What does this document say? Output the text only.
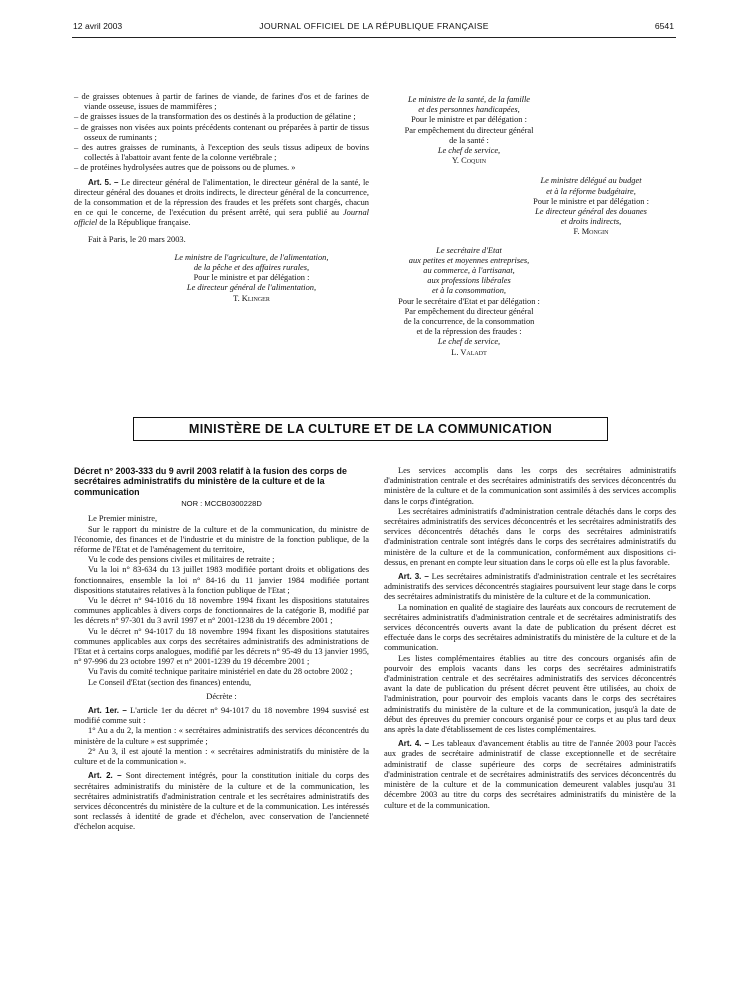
12 avril 2003	JOURNAL OFFICIEL DE LA RÉPUBLIQUE FRANÇAISE	6541

– de graisses obtenues à partir de farines de viande, de farines d'os et de farines de viande osseuse, issues de mammifères ;

– de graisses issues de la transformation des os destinés à la production de gélatine ;

– de graisses non visées aux points précédents contenant ou préparées à partir de tissus osseux de ruminants ;

– des autres graisses de ruminants, à l'exception des seuls tissus adipeux de bovins collectés à l'abattoir avant fente de la colonne vertébrale ;

– de protéines hydrolysées autres que de poissons ou de plumes. »

Art. 5. – Le directeur général de l'alimentation, le directeur général de la santé, le directeur général des douanes et droits indirects, le directeur général de la concurrence, de la consommation et de la répression des fraudes et les préfets sont chargés, chacun en ce qui le concerne, de l'exécution du présent arrêté, qui sera publié au Journal officiel de la République française.

Fait à Paris, le 20 mars 2003.

Le ministre de l'agriculture, de l'alimentation,

de la pêche et des affaires rurales,

Pour le ministre et par délégation :

Le directeur général de l'alimentation,

T. Klinger

Le ministre de la santé, de la famille

et des personnes handicapées,

Pour le ministre et par délégation :

Par empêchement du directeur général

de la santé :

Le chef de service,

Y. Coquin

Le ministre délégué au budget

et à la réforme budgétaire,

Pour le ministre et par délégation :

Le directeur général des douanes

et droits indirects,

F. Mongin

Le secrétaire d'Etat

aux petites et moyennes entreprises,

au commerce, à l'artisanat,

aux professions libérales

et à la consommation,

Pour le secrétaire d'Etat et par délégation :

Par empêchement du directeur général

de la concurrence, de la consommation

et de la répression des fraudes :

Le chef de service,

L. Valadt

MINISTÈRE DE LA CULTURE ET DE LA COMMUNICATION

Décret n° 2003-333 du 9 avril 2003 relatif à la fusion des corps de secrétaires administratifs du ministère de la culture et de la communication

NOR : MCCB0300228D

Le Premier ministre,

Sur le rapport du ministre de la culture et de la communication, du ministre de l'économie, des finances et de l'industrie et du ministre de la fonction publique, de la réforme de l'Etat et de l'aménagement du territoire,

Vu le code des pensions civiles et militaires de retraite ;

Vu la loi n° 83-634 du 13 juillet 1983 modifiée portant droits et obligations des fonctionnaires, ensemble la loi n° 84-16 du 11 janvier 1984 modifiée portant dispositions statutaires relatives à la fonction publique de l'Etat ;

Vu le décret n° 94-1016 du 18 novembre 1994 fixant les dispositions statutaires communes applicables à divers corps de fonctionnaires de la catégorie B, modifié par les décrets n° 97-301 du 3 avril 1997 et n° 2001-1238 du 19 décembre 2001 ;

Vu le décret n° 94-1017 du 18 novembre 1994 fixant les dispositions statutaires communes applicables aux corps des secrétaires administratifs des administrations de l'Etat et à certains corps analogues, modifié par les décrets n° 95-49 du 13 janvier 1995, n° 97-996 du 23 octobre 1997 et n° 2001-1239 du 19 décembre 2001 ;

Vu l'avis du comité technique paritaire ministériel en date du 28 octobre 2002 ;

Le Conseil d'Etat (section des finances) entendu,

Décrète :

Art. 1er. – L'article 1er du décret n° 94-1017 du 18 novembre 1994 susvisé est modifié comme suit :

1° Au a du 2, la mention : « secrétaires administratifs des services déconcentrés du ministère de la culture » est supprimée ;

2° Au 3, il est ajouté la mention : « secrétaires administratifs du ministère de la culture et de la communication ».

Art. 2. – Sont directement intégrés, pour la constitution initiale du corps des secrétaires administratifs du ministère de la culture et de la communication, les secrétaires administratifs d'administration centrale et les secrétaires administratifs des services déconcentrés du ministère de la culture et de la communication. Les intéressés sont reclassés à identité de grade et d'échelon, avec conservation de l'ancienneté d'échelon acquise.

Les services accomplis dans les corps des secrétaires administratifs d'administration centrale et des secrétaires administratifs des services déconcentrés du ministère de la culture et de la communication sont assimilés à des services accomplis dans le corps d'intégration.

Les secrétaires administratifs d'administration centrale détachés dans le corps des secrétaires administratifs des services déconcentrés et les secrétaires administratifs des services déconcentrés détachés dans le corps des secrétaires administratifs d'administration centrale sont intégrés dans le corps des secrétaires administratifs du ministère de la culture et de la communication, conformément aux dispositions ci-dessus, en prenant en compte leur situation dans le corps où elle est la plus favorable.

Art. 3. – Les secrétaires administratifs d'administration centrale et les secrétaires administratifs des services déconcentrés stagiaires poursuivent leur stage dans le corps des secrétaires administratifs du ministère de la culture et de la communication.

La nomination en qualité de stagiaire des lauréats aux concours de recrutement de secrétaires administratifs d'administration centrale et de secrétaires administratifs des services déconcentrés ouverts avant la date de publication du présent décret est effectuée dans le corps des secrétaires administratifs du ministère de la culture et de la communication.

Les listes complémentaires établies au titre des concours organisés afin de pourvoir des emplois vacants dans les corps des secrétaires administratifs d'administration centrale et des secrétaires administratifs des services déconcentrés avant la date de publication du présent décret peuvent être utilisées, au choix de l'administration, pour pourvoir des emplois vacants dans le corps des secrétaires administratifs du ministère de la culture et de la communication, jusqu'à la date de début des épreuves du premier concours organisé pour ce corps et au plus tard deux ans après la date d'établissement de ces listes complémentaires.

Art. 4. – Les tableaux d'avancement établis au titre de l'année 2003 pour l'accès aux grades de secrétaire administratif de classe exceptionnelle et de secrétaire administratif de classe supérieure des corps de secrétaires administratifs d'administration centrale et de secrétaires administratifs des services déconcentrés du ministère de la culture et de la communication demeurent valables jusqu'au 31 décembre 2003 au titre du corps des secrétaires administratifs du ministère de la culture et de la communication.
